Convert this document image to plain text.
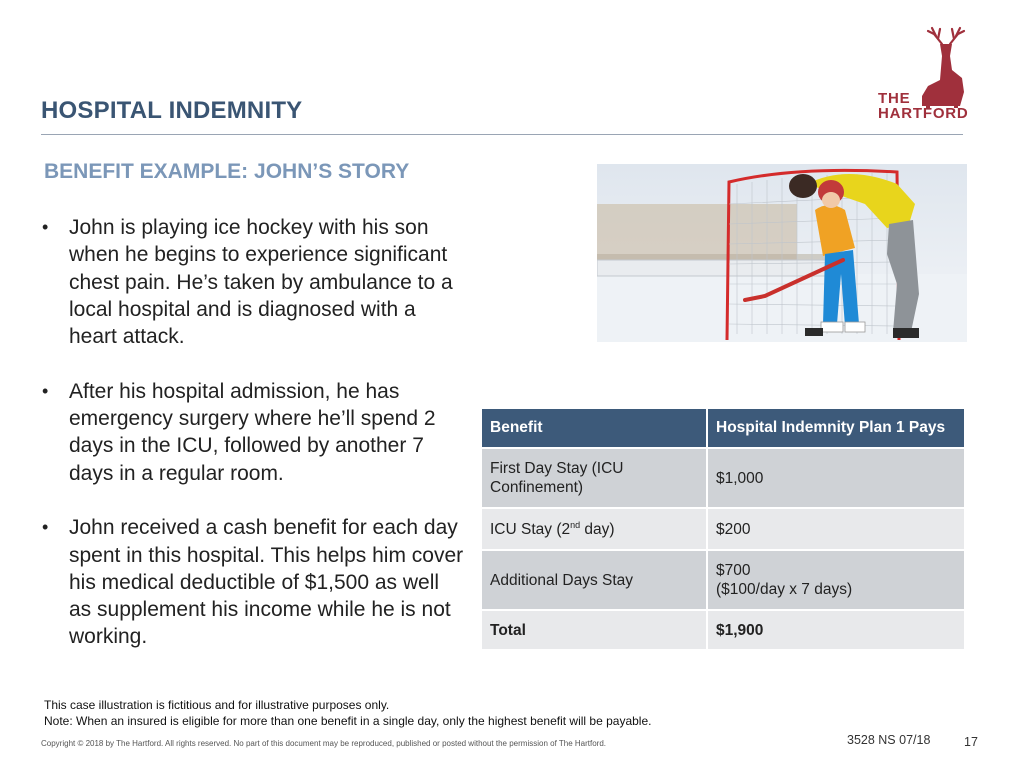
THE
HARTFORD
HOSPITAL INDEMNITY
BENEFIT EXAMPLE: JOHN’S STORY
• John is playing ice hockey with his son when he begins to experience significant chest pain. He’s taken by ambulance to a local hospital and is diagnosed with a heart attack.
• After his hospital admission, he has emergency surgery where he’ll spend 2 days in the ICU, followed by another 7 days in a regular room.
• John received a cash benefit for each day spent in this hospital. This helps him cover his medical deductible of $1,500 as well as supplement his income while he is not working.
Benefit	Hospital Indemnity Plan 1 Pays
First Day Stay (ICU
Confinement)	$1,000
ICU Stay (2nd day)	$200
Additional Days Stay	$700
($100/day x 7 days)
Total	$1,900
This case illustration is fictitious and for illustrative purposes only.
Note: When an insured is eligible for more than one benefit in a single day, only the highest benefit will be payable.
Copyright © 2018 by The Hartford. All rights reserved. No part of this document may be reproduced, published or posted without the permission of The Hartford.	3528 NS 07/18	17
